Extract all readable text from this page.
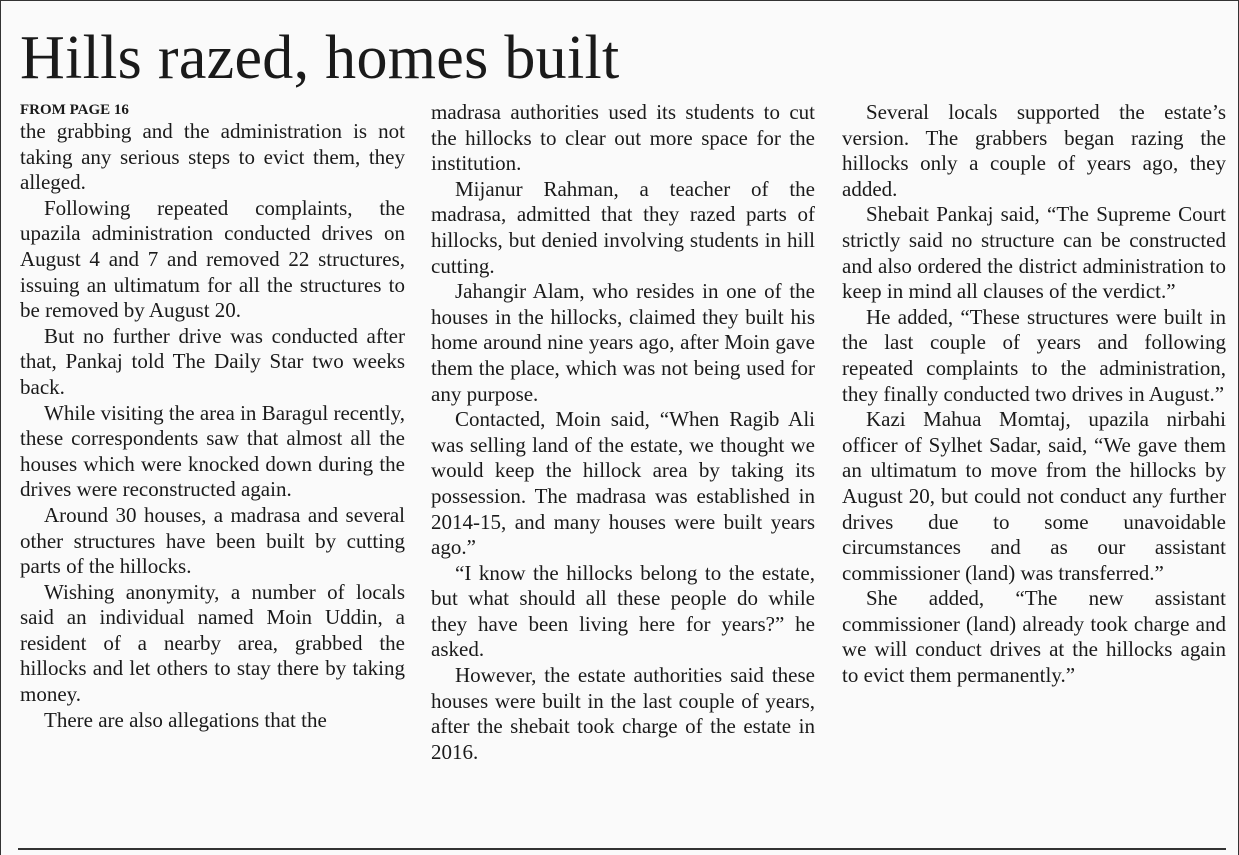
Hills razed, homes built
FROM PAGE 16

the grabbing and the administration is not taking any serious steps to evict them, they alleged.

Following repeated complaints, the upazila administration conducted drives on August 4 and 7 and removed 22 structures, issuing an ultimatum for all the structures to be removed by August 20.

But no further drive was conducted after that, Pankaj told The Daily Star two weeks back.

While visiting the area in Baragul recently, these correspondents saw that almost all the houses which were knocked down during the drives were reconstructed again.

Around 30 houses, a madrasa and several other structures have been built by cutting parts of the hillocks.

Wishing anonymity, a number of locals said an individual named Moin Uddin, a resident of a nearby area, grabbed the hillocks and let others to stay there by taking money.

There are also allegations that the

madrasa authorities used its students to cut the hillocks to clear out more space for the institution.

Mijanur Rahman, a teacher of the madrasa, admitted that they razed parts of hillocks, but denied involving students in hill cutting.

Jahangir Alam, who resides in one of the houses in the hillocks, claimed they built his home around nine years ago, after Moin gave them the place, which was not being used for any purpose.

Contacted, Moin said, “When Ragib Ali was selling land of the estate, we thought we would keep the hillock area by taking its possession. The madrasa was established in 2014-15, and many houses were built years ago.”

“I know the hillocks belong to the estate, but what should all these people do while they have been living here for years?” he asked.

However, the estate authorities said these houses were built in the last couple of years, after the shebait took charge of the estate in 2016.

Several locals supported the estate’s version. The grabbers began razing the hillocks only a couple of years ago, they added.

Shebait Pankaj said, “The Supreme Court strictly said no structure can be constructed and also ordered the district administration to keep in mind all clauses of the verdict.”

He added, “These structures were built in the last couple of years and following repeated complaints to the administration, they finally conducted two drives in August.”

Kazi Mahua Momtaj, upazila nirbahi officer of Sylhet Sadar, said, “We gave them an ultimatum to move from the hillocks by August 20, but could not conduct any further drives due to some unavoidable circumstances and as our assistant commissioner (land) was transferred.”

She added, “The new assistant commissioner (land) already took charge and we will conduct drives at the hillocks again to evict them permanently.”
